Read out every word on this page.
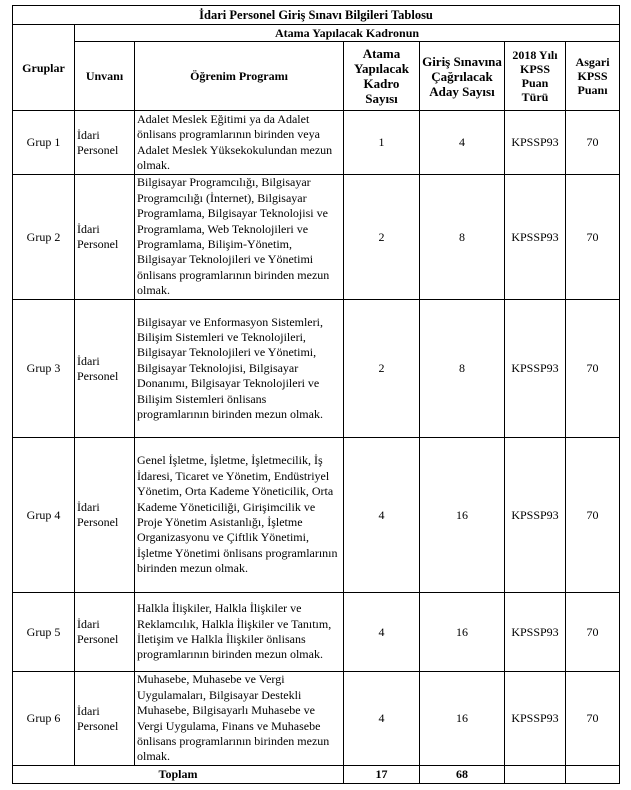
İdari Personel Giriş Sınavı Bilgileri Tablosu						
Gruplar	Atama Yapılacak Kadronun					
	Unvanı	Öğrenim Programı	Atama Yapılacak Kadro Sayısı	Giriş Sınavına Çağrılacak Aday Sayısı	2018 Yılı KPSS Puan Türü	Asgari KPSS Puanı
Grup 1	İdari Personel	Adalet Meslek Eğitimi ya da Adalet önlisans programlarının birinden veya Adalet Meslek Yüksekokulundan mezun olmak.	1	4	KPSSP93	70
Grup 2	İdari Personel	Bilgisayar Programcılığı, Bilgisayar Programcılığı (İnternet), Bilgisayar Programlama, Bilgisayar Teknolojisi ve Programlama, Web Teknolojileri ve Programlama, Bilişim-Yönetim, Bilgisayar Teknolojileri ve Yönetimi önlisans programlarının birinden mezun olmak.	2	8	KPSSP93	70
Grup 3	İdari Personel	Bilgisayar ve Enformasyon Sistemleri, Bilişim Sistemleri ve Teknolojileri, Bilgisayar Teknolojileri ve Yönetimi, Bilgisayar Teknolojisi, Bilgisayar Donanımı, Bilgisayar Teknolojileri ve Bilişim Sistemleri önlisans programlarının birinden mezun olmak.	2	8	KPSSP93	70
Grup 4	İdari Personel	Genel İşletme, İşletme, İşletmecilik, İş İdaresi, Ticaret ve Yönetim, Endüstriyel Yönetim, Orta Kademe Yöneticilik, Orta Kademe Yöneticiliği, Girişimcilik ve Proje Yönetim Asistanlığı, İşletme Organizasyonu ve Çiftlik Yönetimi, İşletme Yönetimi önlisans programlarının birinden mezun olmak.	4	16	KPSSP93	70
Grup 5	İdari Personel	Halkla İlişkiler, Halkla İlişkiler ve Reklamcılık, Halkla İlişkiler ve Tanıtım, İletişim ve Halkla İlişkiler önlisans programlarının birinden mezun olmak.	4	16	KPSSP93	70
Grup 6	İdari Personel	Muhasebe, Muhasebe ve Vergi Uygulamaları, Bilgisayar Destekli Muhasebe, Bilgisayarlı Muhasebe ve Vergi Uygulama, Finans ve Muhasebe önlisans programlarının birinden mezun olmak.	4	16	KPSSP93	70
Toplam			17	68		
